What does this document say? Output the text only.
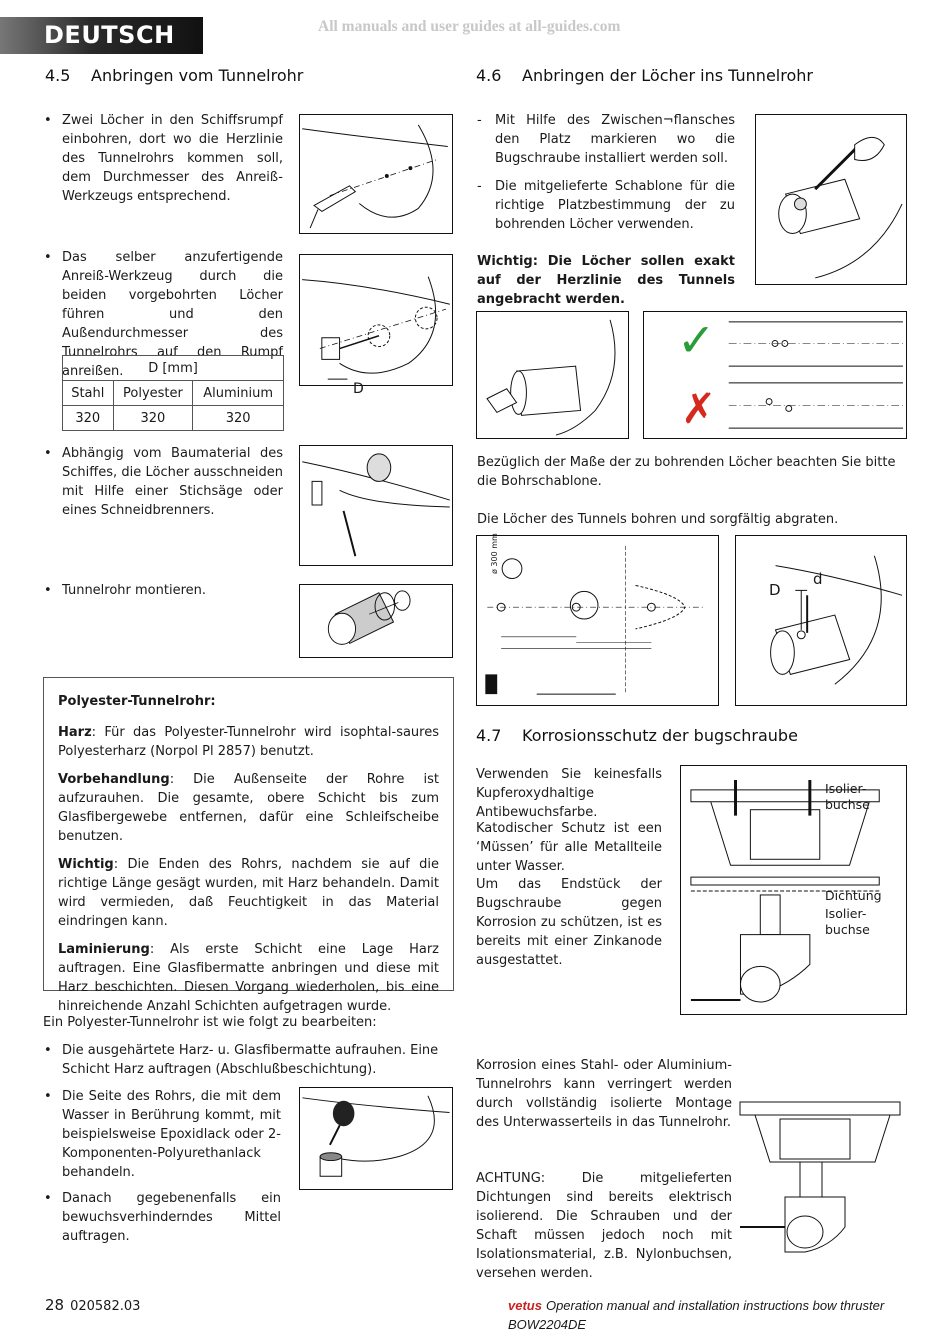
DEUTSCH	All manuals and user guides at all-guides.com
4.5 Anbringen vom Tunnelrohr
• Zwei Löcher in den Schiffsrumpf einbohren, dort wo die Herzlinie des Tunnelrohrs kommen soll, dem Durchmesser des Anreiß-Werkzeugs entsprechend.
• Das selber anzufertigende Anreiß-Werkzeug durch die beiden vorgebohrten Löcher führen und den Außendurchmesser des Tunnelrohrs auf den Rumpf anreißen.	D [mm]		
Stahl	Polyester	Aluminium
320	320	320
• Abhängig vom Baumaterial des Schiffes, die Löcher ausschneiden mit Hilfe einer Stichsäge oder eines Schneidbrenners.
• Tunnelrohr montieren.
D

Polyester-Tunnelrohr:

Harz: Für das Polyester-Tunnelrohr wird isophtal-saures Polyesterharz (Norpol Pl 2857) benutzt.

Vorbehandlung: Die Außenseite der Rohre ist aufzurauhen. Die gesamte, obere Schicht bis zum Glasfibergewebe entfernen, dafür eine Schleifscheibe benutzen.

Wichtig: Die Enden des Rohrs, nachdem sie auf die richtige Länge gesägt wurden, mit Harz behandeln. Damit wird vermieden, daß Feuchtigkeit in das Material eindringen kann.

Laminierung: Als erste Schicht eine Lage Harz auftragen. Eine Glasfibermatte anbringen und diese mit Harz beschichten. Diesen Vorgang wiederholen, bis eine hinreichende Anzahl Schichten aufgetragen wurde.

Ein Polyester-Tunnelrohr ist wie folgt zu bearbeiten:
• Die ausgehärtete Harz- u. Glasfibermatte aufrauhen. Eine Schicht Harz auftragen (Abschlußbeschichtung).
• Die Seite des Rohrs, die mit dem Wasser in Berührung kommt, mit beispielsweise Epoxidlack oder 2-Komponenten-Polyurethanlack behandeln.
• Danach gegebenenfalls ein bewuchsverhinderndes Mittel auftragen.
4.6 Anbringen der Löcher ins Tunnelrohr
- Mit Hilfe des Zwischen¬flansches den Platz markieren wo die Bugschraube installiert werden soll.
- Die mitgelieferte Schablone für die richtige Platzbestimmung der zu bohrenden Löcher verwenden.
Wichtig: Die Löcher sollen exakt auf der Herzlinie des Tunnels angebracht werden.
✓
✗
Bezüglich der Maße der zu bohrenden Löcher beachten Sie bitte die Bohrschablone.
Die Löcher des Tunnels bohren und sorgfältig abgraten.
ø 300 mm
D
d
4.7 Korrosionsschutz der bugschraube
Verwenden Sie keinesfalls Kupferoxydhaltige Antibewuchsfarbe.
Katodischer Schutz ist een ‘Müssen’ für alle Metallteile unter Wasser.
Um das Endstück der Bugschraube gegen Korrosion zu schützen, ist es bereits mit einer Zinkanode ausgestattet.
Isolier-
buchse
Dichtung
Isolier-
buchse
Korrosion eines Stahl- oder Aluminium-Tunnelrohrs kann verringert werden durch vollständig isolierte Montage des Unterwasserteils in das Tunnelrohr.
ACHTUNG: Die mitgelieferten Dichtungen sind bereits elektrisch isolierend. Die Schrauben und der Schaft müssen jedoch noch mit Isolationsmaterial, z.B. Nylonbuchsen, versehen werden.
28 020582.03	vetus Operation manual and installation instructions bow thruster BOW2204DE
